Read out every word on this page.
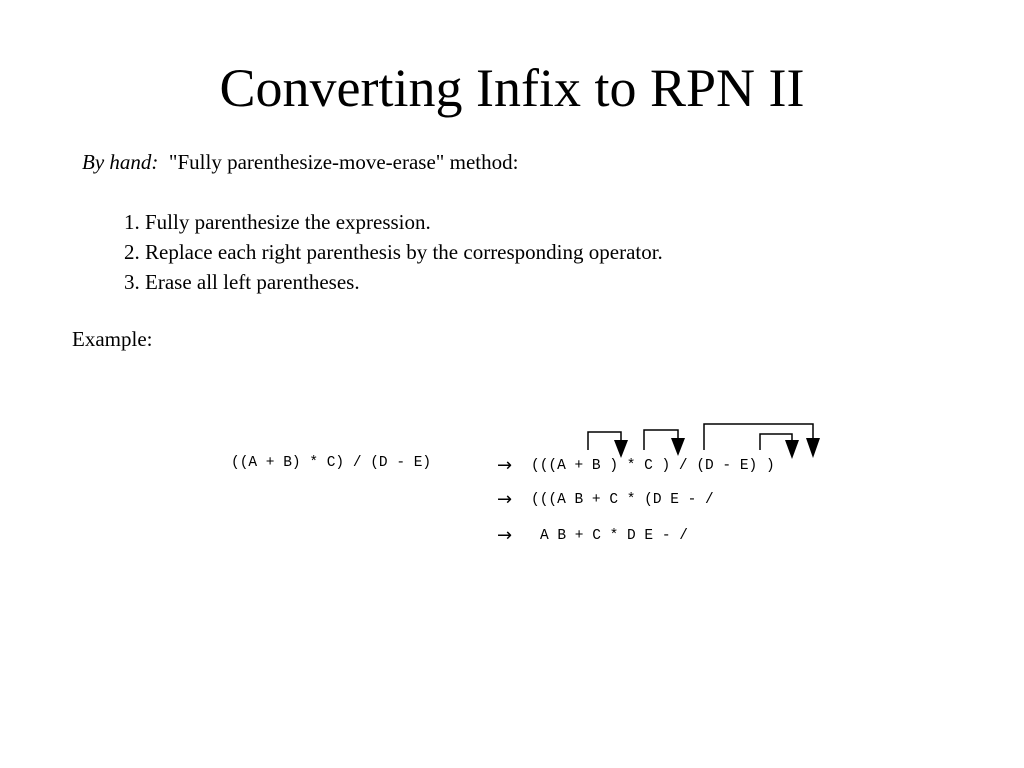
Converting Infix to RPN II
By hand: "Fully parenthesize-move-erase" method:
1. Fully parenthesize the expression.
2. Replace each right parenthesis by the corresponding operator.
3. Erase all left parentheses.
Example:
((A + B) * C) / (D - E)	→ (((A + B ) * C ) / (D - E) )
→ (((A B + C * (D E - /
→ A B + C * D E - /
